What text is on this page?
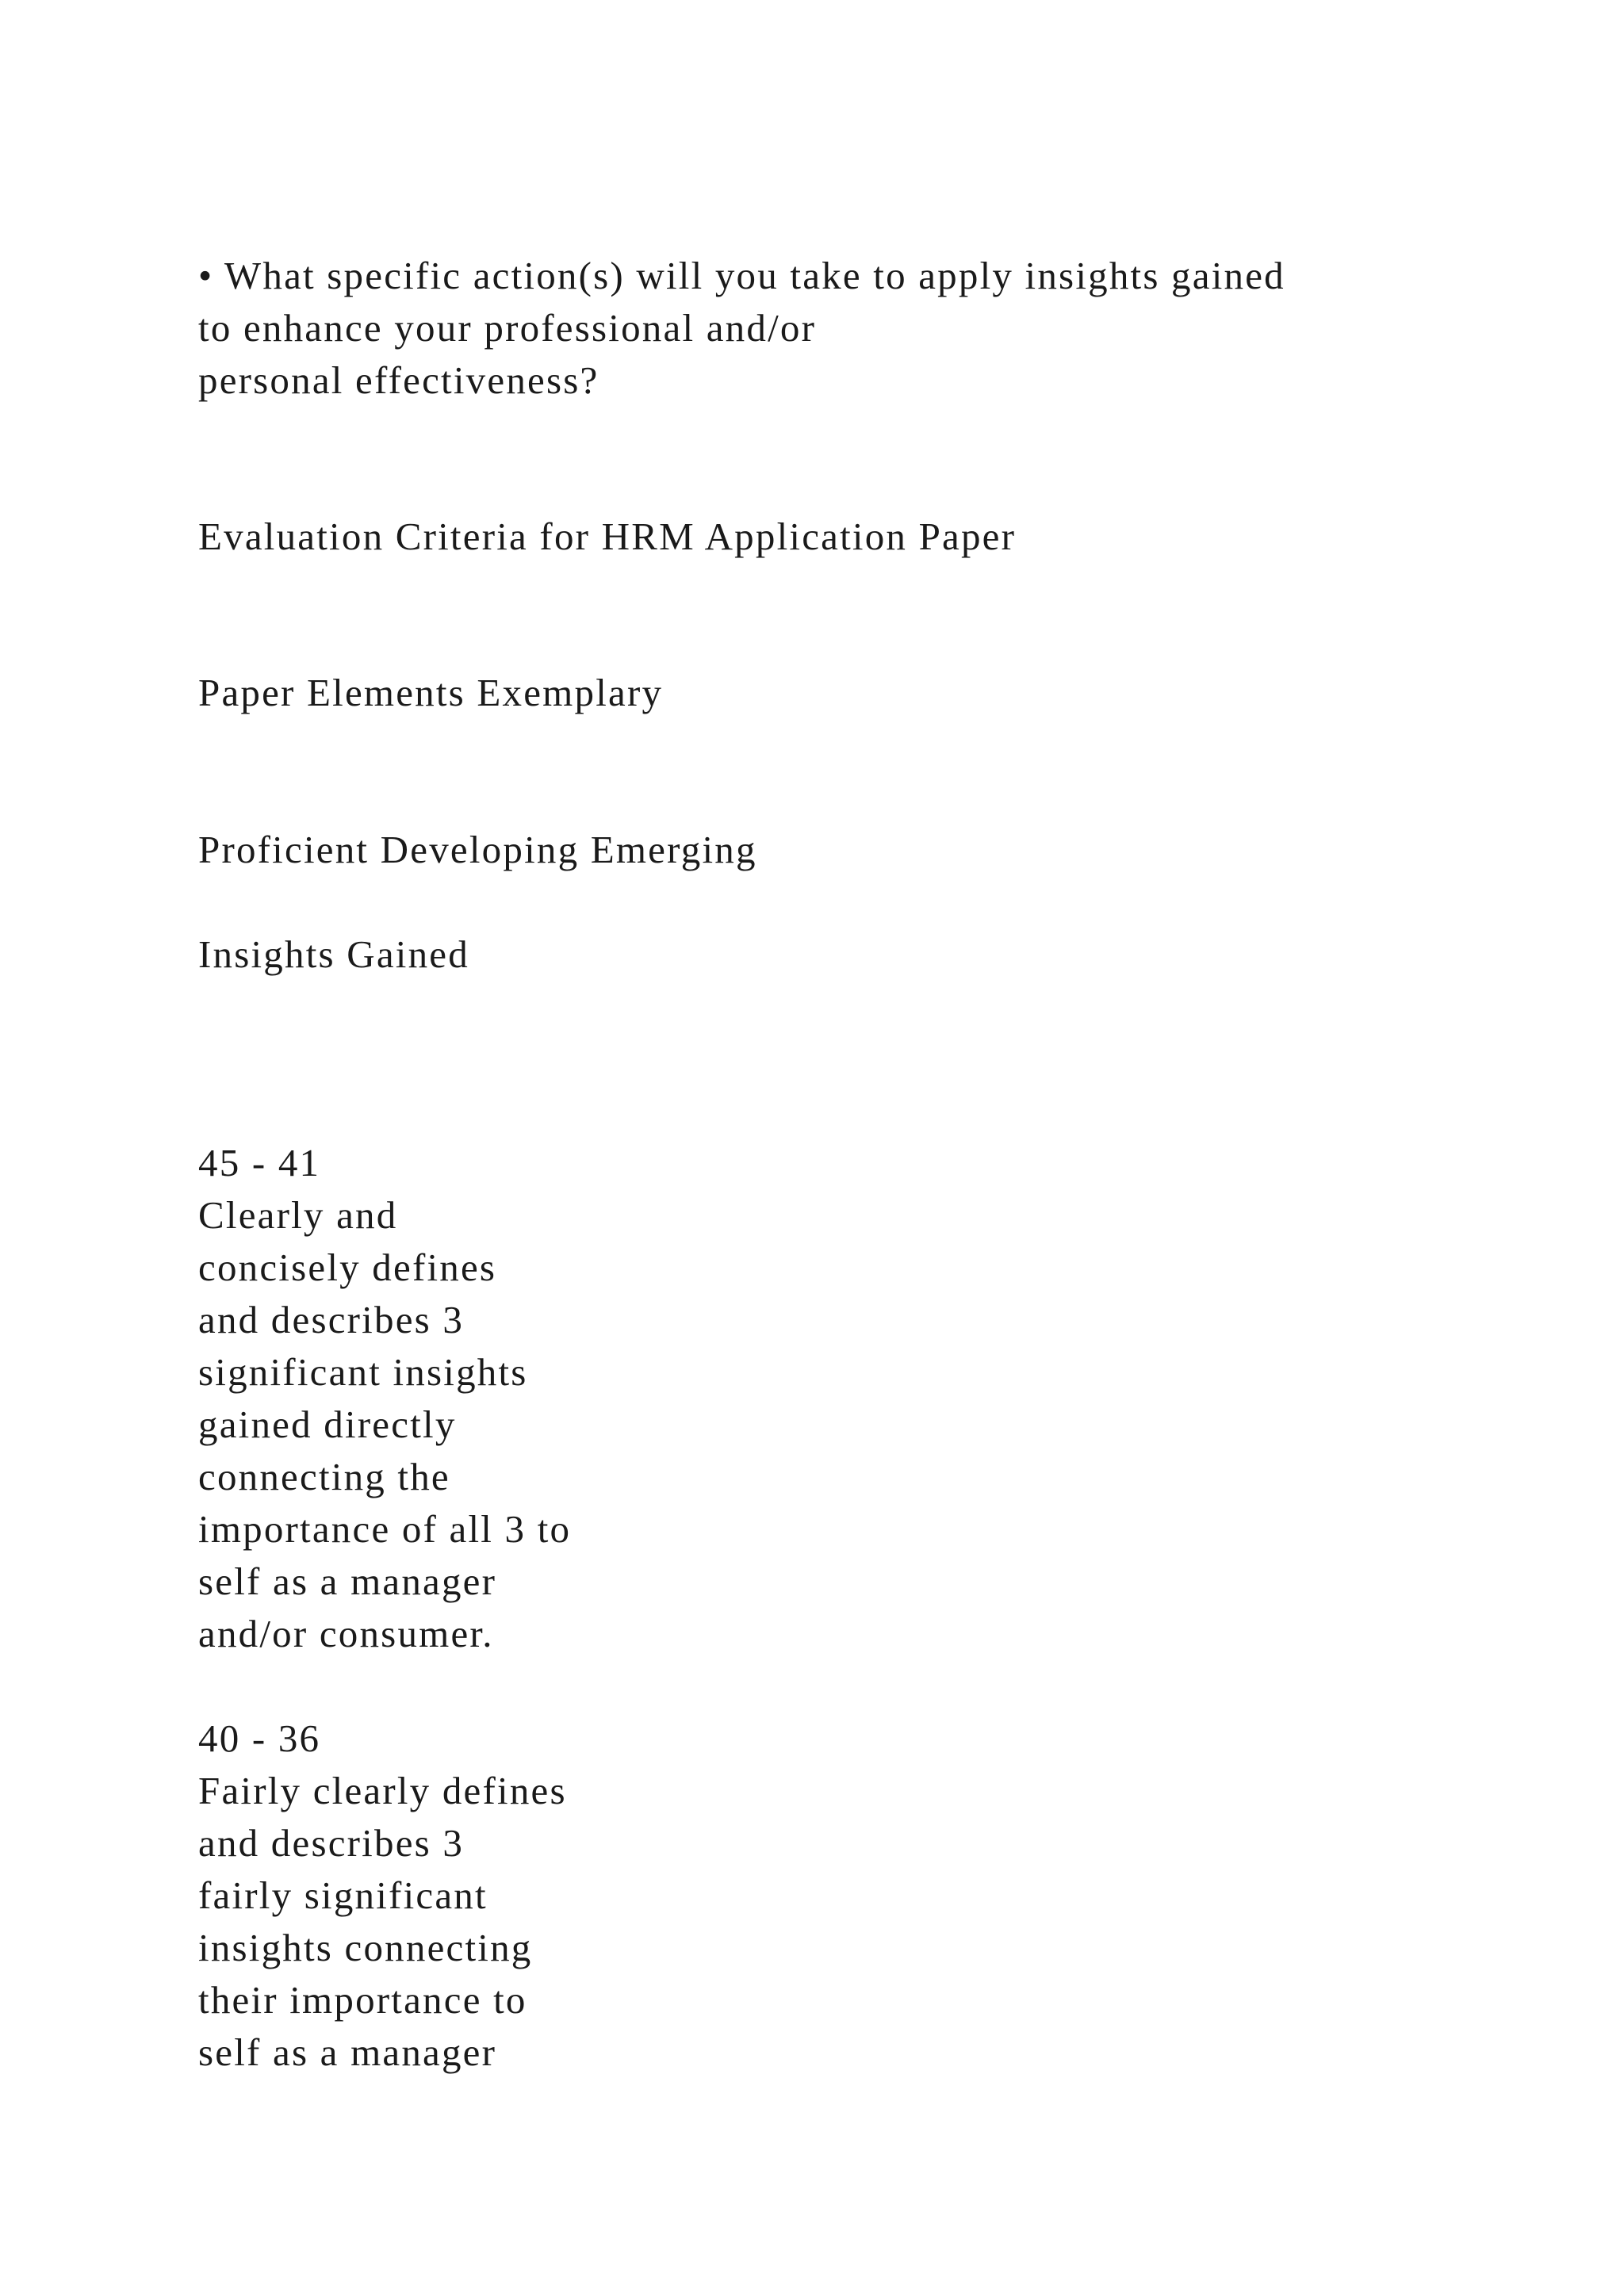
• What specific action(s) will you take to apply insights gained
to enhance your professional and/or
personal effectiveness?
Evaluation Criteria for HRM Application Paper
Paper Elements Exemplary
Proficient Developing Emerging
Insights Gained
45 - 41
Clearly and
concisely defines
and describes 3
significant insights
gained directly
connecting the
importance of all 3 to
self as a manager
and/or consumer.
40 - 36
Fairly clearly defines
and describes 3
fairly significant
insights connecting
their importance to
self as a manager
